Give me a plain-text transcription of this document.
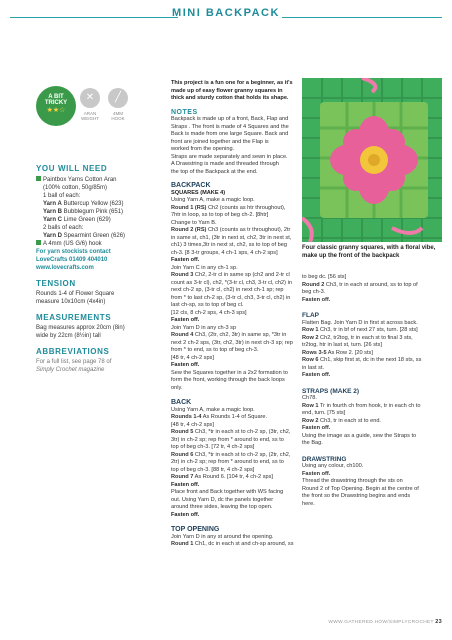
MINI BACKPACK
A BIT
TRICKY
★★☆
✕
ARAN
WEIGHT
╱
4MM
HOOK
YOU WILL NEED
Paintbox Yarns Cotton Aran
(100% cotton, 50g/85m)
1 ball of each:
Yarn A Buttercup Yellow (623)
Yarn B Bubblegum Pink (651)
Yarn C Lime Green (629)
2 balls of each:
Yarn D Spearmint Green (626)
A 4mm (US G/6) hook
For yarn stockists contact
LoveCrafts 01409 404010
www.lovecrafts.com
TENSION
Rounds 1-4 of Flower Square
measure 10x10cm (4x4in)
MEASUREMENTS
Bag measures approx 20cm (8in)
wide by 22cm (8½in) tall
ABBREVIATIONS
For a full list, see page 78 of
Simply Crochet magazine

This project is a fun one for a beginner, as it's

made up of easy flower granny squares in

thick and sturdy cotton that holds its shape.

NOTES

Backpack is made up of a front, Back, Flap and

Straps . The front is made of 4 Squares and the

Back is made from one large Square. Back and

front are joined together and the Flap is

worked from the opening.

Straps are made separately and sewn in place.

A Drawstring is made and threaded through

the top of the Backpack at the end.

BACKPACK

SQUARES (MAKE 4)

Using Yarn A, make a magic loop.

Round 1 (RS) Ch2 (counts as htr throughout),

7htr in loop, ss to top of beg ch-2. [8htr]

Change to Yarn B.

Round 2 (RS) Ch3 (counts as tr throughout), 2tr

in same st, ch1, (3tr in next st, ch2, 3tr in next st,

ch1) 3 times,3tr in next st, ch2, ss to top of beg

ch-3. [8 3-tr groups, 4 ch-1 sps, 4 ch-2 sps]

Fasten off.

Join Yarn C in any ch-1 sp.

Round 3 Ch2, 2-tr cl in same sp (ch2 and 2-tr cl

count as 3-tr cl), ch2, *(3-tr cl, ch3, 3-tr cl, ch2) in

next ch-2 sp, (3-tr cl, ch2) in next ch-1 sp; rep

from * to last ch-2 sp, (3-tr cl, ch3, 3-tr cl, ch2) in

last ch-sp, ss to top of beg cl.

[12 cls, 8 ch-2 sps, 4 ch-3 sps]

Fasten off.

Join Yarn D in any ch-3 sp

Round 4 Ch3, (2tr, ch2, 3tr) in same sp, *3tr in

next 2 ch-2 sps, (3tr, ch2, 3tr) in next ch-3 sp; rep

from * to end, ss to top of beg ch-3.

[48 tr, 4 ch-2 sps]

Fasten off.

Sew the Squares together in a 2x2 formation to

form the front, working through the back loops

only.

BACK

Using Yarn A, make a magic loop.

Rounds 1-4 As Rounds 1-4 of Square.

[48 tr, 4 ch-2 sps]

Round 5 Ch3, *tr in each st to ch-2 sp, (3tr, ch2,

3tr) in ch-2 sp; rep from * around to end, ss to

top of beg ch-3. [72 tr, 4 ch-2 sps]

Round 6 Ch3, *tr in each st to ch-2 sp, (2tr, ch2,

2tr) in ch-2 sp; rep from * around to end, ss to

top of beg ch-3. [88 tr, 4 ch-2 sps]

Round 7 As Round 6. [104 tr, 4 ch-2 sps]

Fasten off.

Place front and Back together with WS facing

out. Using Yarn D, dc the panels together

around three sides, leaving the top open.

Fasten off.

TOP OPENING

Join Yarn D in any st around the opening.

Round 1 Ch1, dc in each st and ch-sp around, ss

Four classic granny squares, with a floral vibe,
make up the front of the backpack

to beg dc. [56 sts]

Round 2 Ch3, tr in each st around, ss to top of

beg ch-3.

Fasten off.

FLAP

Flatten Bag. Join Yarn D in first st across back.

Row 1 Ch3, tr in bf of next 27 sts, turn. [28 sts]

Row 2 Ch2, tr2tog, tr in each st to final 3 sts,

tr2tog, htr in last st, turn. [26 sts]

Rows 3-5 As Row 2. [20 sts]

Row 6 Ch1, skip first st, dc in the next 18 sts, ss

in last st.

Fasten off.

STRAPS (MAKE 2)

Ch78.

Row 1 Tr in fourth ch from hook, tr in each ch to

end, turn. [75 sts]

Row 2 Ch3, tr in each st to end.

Fasten off.

Using the image as a guide, sew the Straps to

the Bag.

DRAWSTRING

Using any colour, ch100.

Fasten off.

Thread the drawstring through the sts on

Round 2 of Top Opening. Begin at the centre of

the front so the Drawstring begins and ends

here.

WWW.GATHERED.HOW/SIMPLYCROCHET 23
